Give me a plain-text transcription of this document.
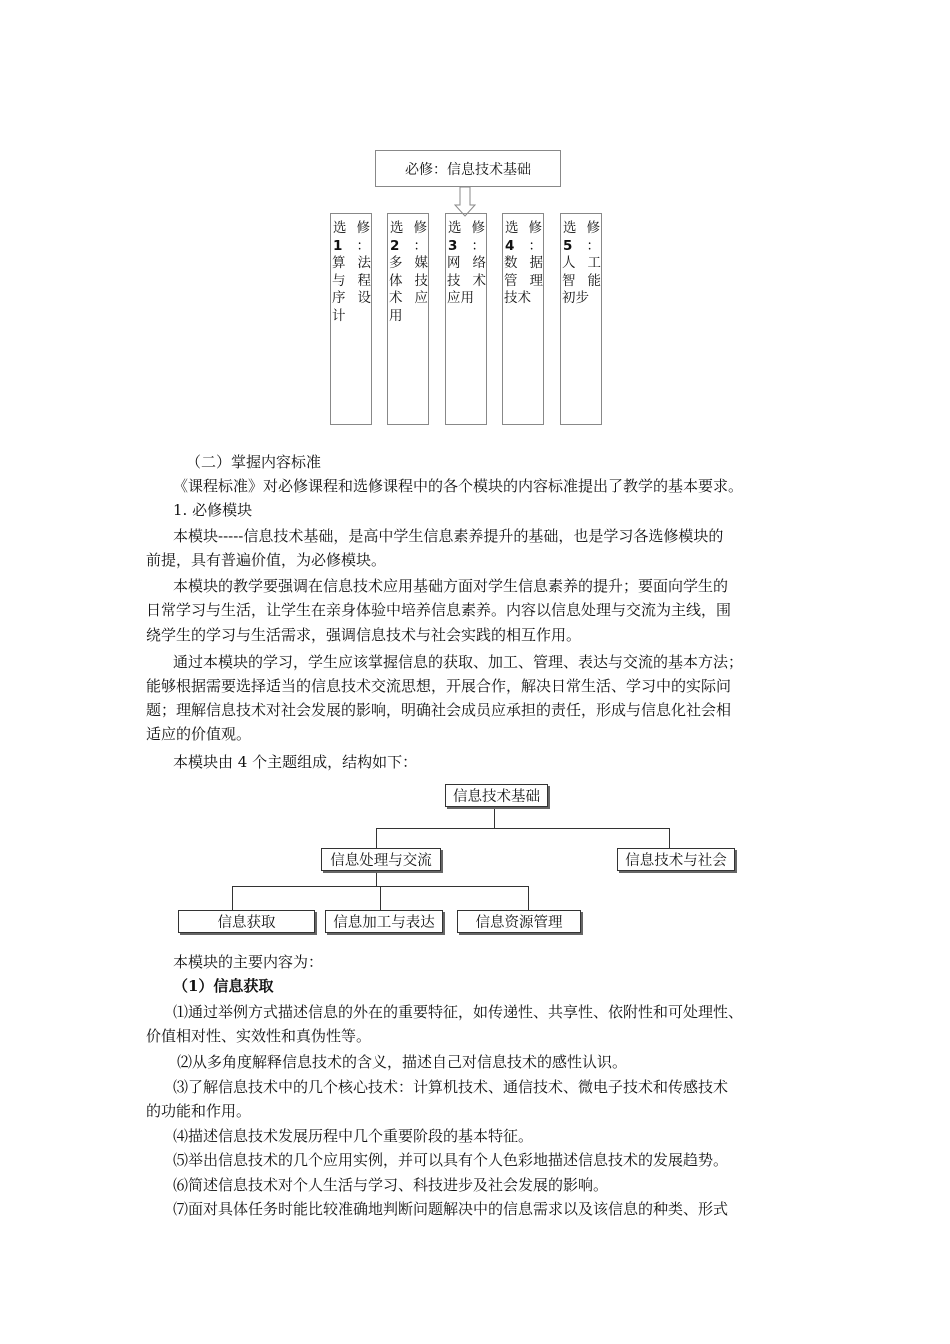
必修：信息技术基础
选 修
1 ：
算法与程序设计
选 修
2 ：
多媒体技术应用
选 修
3 ：
网络技术应用
选 修
4 ：
数据管理技术
选 修
5 ：
人工智能初步
（二）掌握内容标准
《课程标准》对必修课程和选修课程中的各个模块的内容标准提出了教学的基本要求。
1. 必修模块
本模块-----信息技术基础，是高中学生信息素养提升的基础，也是学习各选修模块的
前提，具有普遍价值，为必修模块。
本模块的教学要强调在信息技术应用基础方面对学生信息素养的提升；要面向学生的
日常学习与生活，让学生在亲身体验中培养信息素养。内容以信息处理与交流为主线，围
绕学生的学习与生活需求，强调信息技术与社会实践的相互作用。
通过本模块的学习，学生应该掌握信息的获取、加工、管理、表达与交流的基本方法；
能够根据需要选择适当的信息技术交流思想，开展合作，解决日常生活、学习中的实际问
题；理解信息技术对社会发展的影响，明确社会成员应承担的责任，形成与信息化社会相
适应的价值观。
本模块由 4 个主题组成，结构如下：
信息技术基础
信息处理与交流	信息技术与社会
信息获取	信息加工与表达	信息资源管理
本模块的主要内容为：
（1）信息获取
⑴通过举例方式描述信息的外在的重要特征，如传递性、共享性、依附性和可处理性、
价值相对性、实效性和真伪性等。
⑵从多角度解释信息技术的含义，描述自己对信息技术的感性认识。
⑶了解信息技术中的几个核心技术：计算机技术、通信技术、微电子技术和传感技术
的功能和作用。
⑷描述信息技术发展历程中几个重要阶段的基本特征。
⑸举出信息技术的几个应用实例，并可以具有个人色彩地描述信息技术的发展趋势。
⑹简述信息技术对个人生活与学习、科技进步及社会发展的影响。
⑺面对具体任务时能比较准确地判断问题解决中的信息需求以及该信息的种类、形式
